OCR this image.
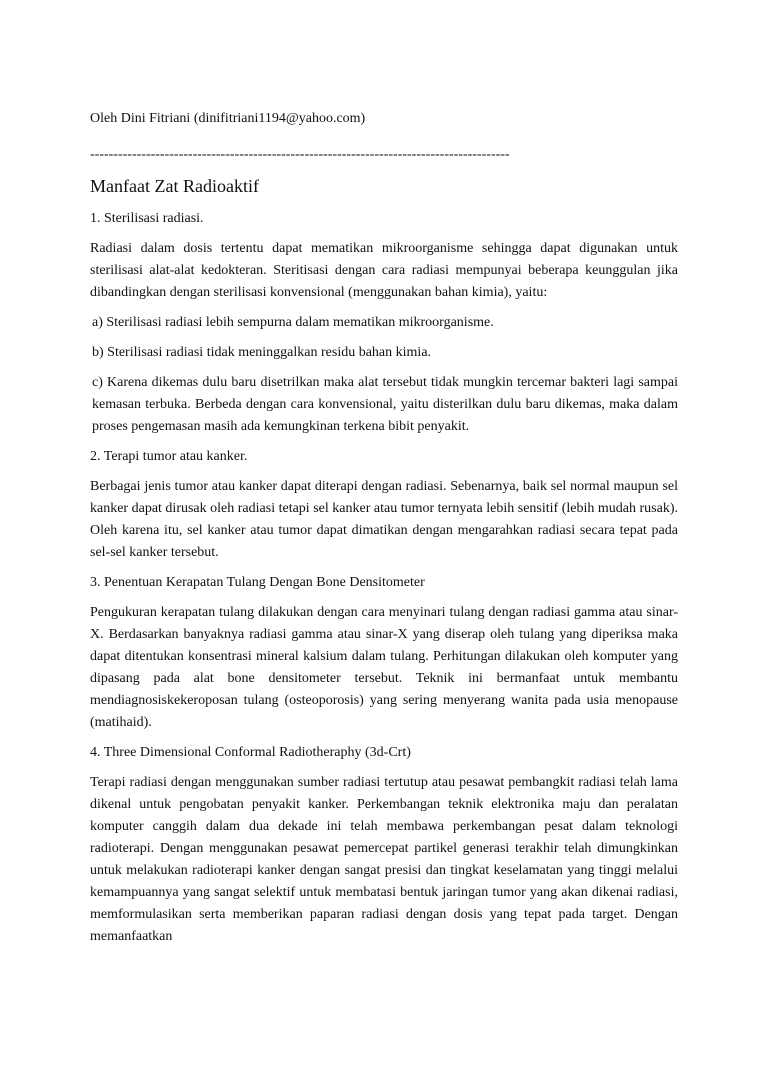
Oleh Dini Fitriani (dinifitriani1194@yahoo.com)

------------------------------------------------------------------------------------------
Manfaat Zat Radioaktif

1. Sterilisasi radiasi.

Radiasi dalam dosis tertentu dapat mematikan mikroorganisme sehingga dapat digunakan untuk sterilisasi alat-alat kedokteran. Steritisasi dengan cara radiasi mempunyai beberapa keunggulan jika dibandingkan dengan sterilisasi konvensional (menggunakan bahan kimia), yaitu:

a) Sterilisasi radiasi lebih sempurna dalam mematikan mikroorganisme.

b) Sterilisasi radiasi tidak meninggalkan residu bahan kimia.

c) Karena dikemas dulu baru disetrilkan maka alat tersebut tidak mungkin tercemar bakteri lagi sampai kemasan terbuka. Berbeda dengan cara konvensional, yaitu disterilkan dulu baru dikemas, maka dalam proses pengemasan masih ada kemungkinan terkena bibit penyakit.

2. Terapi tumor atau kanker.

Berbagai jenis tumor atau kanker dapat diterapi dengan radiasi. Sebenarnya, baik sel normal maupun sel kanker dapat dirusak oleh radiasi tetapi sel kanker atau tumor ternyata lebih sensitif (lebih mudah rusak). Oleh karena itu, sel kanker atau tumor dapat dimatikan dengan mengarahkan radiasi secara tepat pada sel-sel kanker tersebut.

3. Penentuan Kerapatan Tulang Dengan Bone Densitometer

Pengukuran kerapatan tulang dilakukan dengan cara menyinari tulang dengan radiasi gamma atau sinar-X. Berdasarkan banyaknya radiasi gamma atau sinar-X yang diserap oleh tulang yang diperiksa maka dapat ditentukan konsentrasi mineral kalsium dalam tulang. Perhitungan dilakukan oleh komputer yang dipasang pada alat bone densitometer tersebut. Teknik ini bermanfaat untuk membantu mendiagnosiskekeroposan tulang (osteoporosis) yang sering menyerang wanita pada usia menopause (matihaid).

4. Three Dimensional Conformal Radiotheraphy (3d-Crt)

Terapi radiasi dengan menggunakan sumber radiasi tertutup atau pesawat pembangkit radiasi telah lama dikenal untuk pengobatan penyakit kanker. Perkembangan teknik elektronika maju dan peralatan komputer canggih dalam dua dekade ini telah membawa perkembangan pesat dalam teknologi radioterapi. Dengan menggunakan pesawat pemercepat partikel generasi terakhir telah dimungkinkan untuk melakukan radioterapi kanker dengan sangat presisi dan tingkat keselamatan yang tinggi melalui kemampuannya yang sangat selektif untuk membatasi bentuk jaringan tumor yang akan dikenai radiasi, memformulasikan serta memberikan paparan radiasi dengan dosis yang tepat pada target. Dengan memanfaatkan
